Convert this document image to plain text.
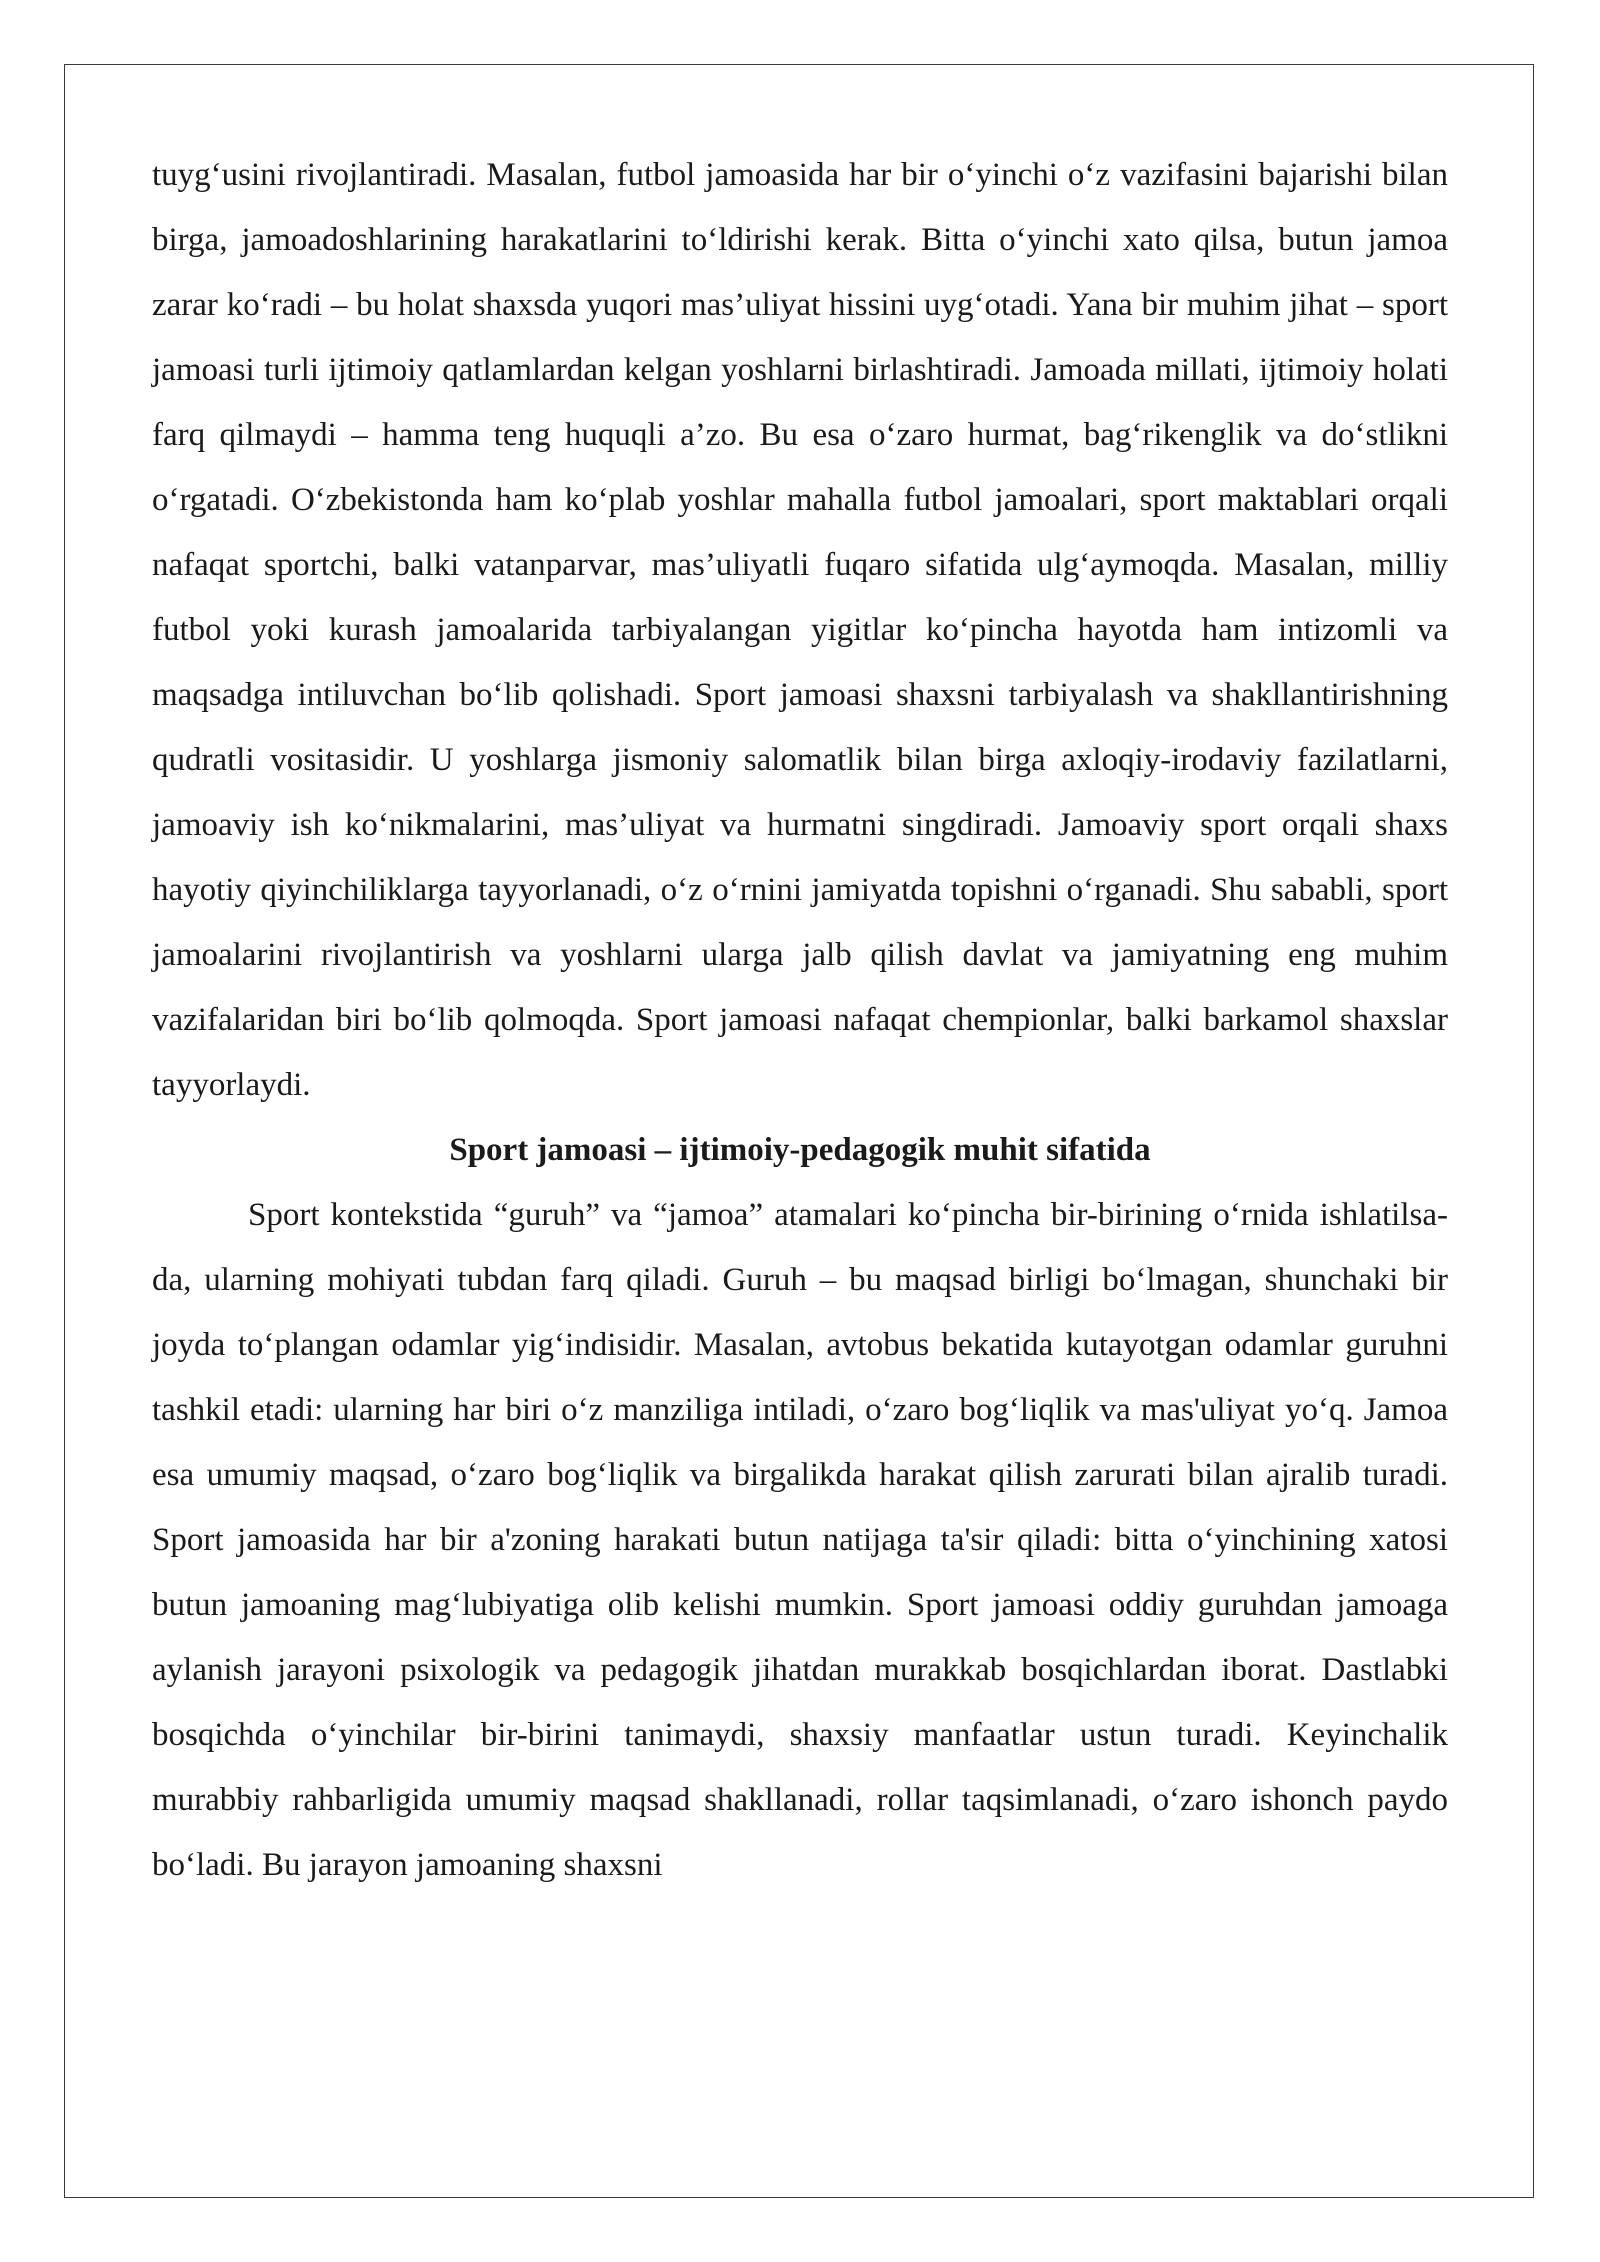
tuyg‘usini rivojlantiradi. Masalan, futbol jamoasida har bir o‘yinchi o‘z vazifasini bajarishi bilan birga, jamoadoshlarining harakatlarini to‘ldirishi kerak. Bitta o‘yinchi xato qilsa, butun jamoa zarar ko‘radi – bu holat shaxsda yuqori mas’uliyat hissini uyg‘otadi. Yana bir muhim jihat – sport jamoasi turli ijtimoiy qatlamlardan kelgan yoshlarni birlashtiradi. Jamoada millati, ijtimoiy holati farq qilmaydi – hamma teng huquqli a’zo. Bu esa o‘zaro hurmat, bag‘rikenglik va do‘stlikni o‘rgatadi. O‘zbekistonda ham ko‘plab yoshlar mahalla futbol jamoalari, sport maktablari orqali nafaqat sportchi, balki vatanparvar, mas’uliyatli fuqaro sifatida ulg‘aymoqda. Masalan, milliy futbol yoki kurash jamoalarida tarbiyalangan yigitlar ko‘pincha hayotda ham intizomli va maqsadga intiluvchan bo‘lib qolishadi. Sport jamoasi shaxsni tarbiyalash va shakllantirishning qudratli vositasidir. U yoshlarga jismoniy salomatlik bilan birga axloqiy-irodaviy fazilatlarni, jamoaviy ish ko‘nikmalarini, mas’uliyat va hurmatni singdiradi. Jamoaviy sport orqali shaxs hayotiy qiyinchiliklarga tayyorlanadi, o‘z o‘rnini jamiyatda topishni o‘rganadi. Shu sababli, sport jamoalarini rivojlantirish va yoshlarni ularga jalb qilish davlat va jamiyatning eng muhim vazifalaridan biri bo‘lib qolmoqda. Sport jamoasi nafaqat chempionlar, balki barkamol shaxslar tayyorlaydi.

Sport jamoasi – ijtimoiy-pedagogik muhit sifatida

Sport kontekstida “guruh” va “jamoa” atamalari ko‘pincha bir-birining o‘rnida ishlatilsa-da, ularning mohiyati tubdan farq qiladi. Guruh – bu maqsad birligi bo‘lmagan, shunchaki bir joyda to‘plangan odamlar yig‘indisidir. Masalan, avtobus bekatida kutayotgan odamlar guruhni tashkil etadi: ularning har biri o‘z manziliga intiladi, o‘zaro bog‘liqlik va mas'uliyat yo‘q. Jamoa esa umumiy maqsad, o‘zaro bog‘liqlik va birgalikda harakat qilish zarurati bilan ajralib turadi. Sport jamoasida har bir a'zoning harakati butun natijaga ta'sir qiladi: bitta o‘yinchining xatosi butun jamoaning mag‘lubiyatiga olib kelishi mumkin. Sport jamoasi oddiy guruhdan jamoaga aylanish jarayoni psixologik va pedagogik jihatdan murakkab bosqichlardan iborat. Dastlabki bosqichda o‘yinchilar bir-birini tanimaydi, shaxsiy manfaatlar ustun turadi. Keyinchalik murabbiy rahbarligida umumiy maqsad shakllanadi, rollar taqsimlanadi, o‘zaro ishonch paydo bo‘ladi. Bu jarayon jamoaning shaxsni
